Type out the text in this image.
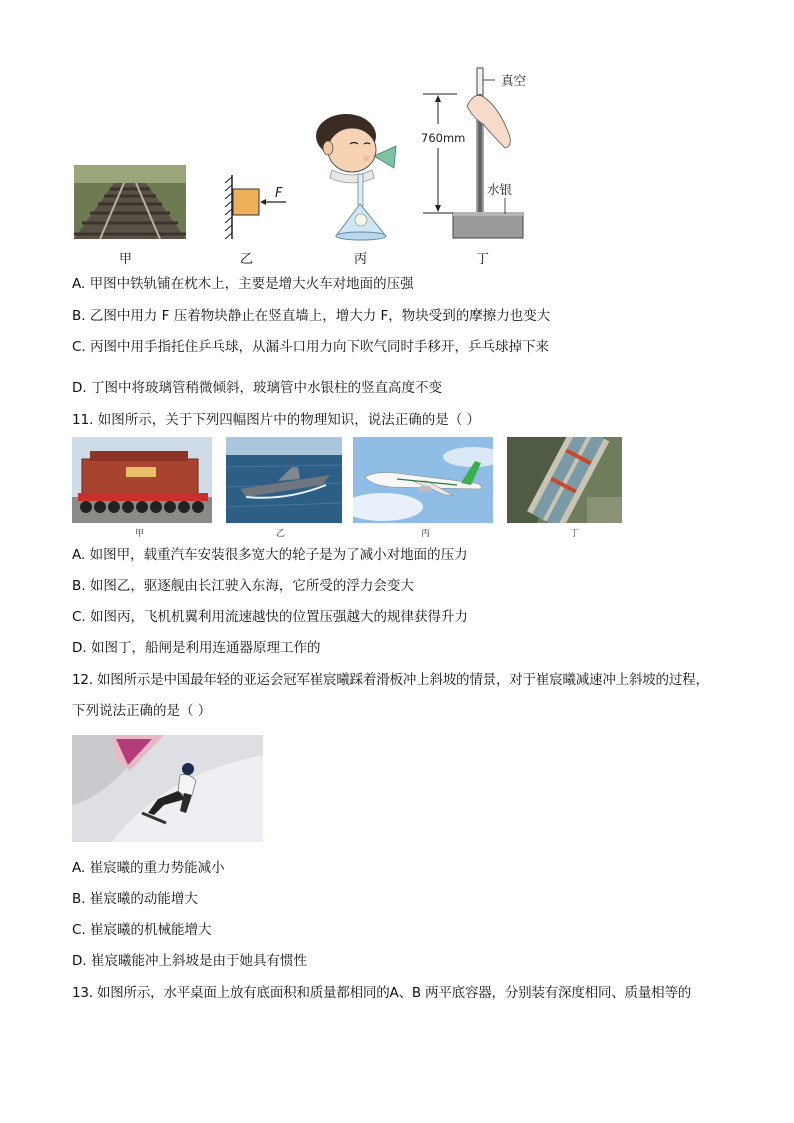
甲
F
乙	丙
760mm
真空
水银
丁
A. 甲图中铁轨铺在枕木上，主要是增大火车对地面的压强
B. 乙图中用力 F 压着物块静止在竖直墙上，增大力 F，物块受到的摩擦力也变大
C. 丙图中用手指托住乒乓球，从漏斗口用力向下吹气同时手移开，乒乓球掉下来
D. 丁图中将玻璃管稍微倾斜，玻璃管中水银柱的竖直高度不变
11. 如图所示，关于下列四幅图片中的物理知识，说法正确的是（ ）
甲	乙	丙	丁
A. 如图甲，载重汽车安装很多宽大的轮子是为了减小对地面的压力
B. 如图乙，驱逐舰由长江驶入东海，它所受的浮力会变大
C. 如图丙，飞机机翼利用流速越快的位置压强越大的规律获得升力
D. 如图丁，船闸是利用连通器原理工作的
12. 如图所示是中国最年轻的亚运会冠军崔宸曦踩着滑板冲上斜坡的情景，对于崔宸曦减速冲上斜坡的过程，
下列说法正确的是（ ）
A. 崔宸曦的重力势能减小
B. 崔宸曦的动能增大
C. 崔宸曦的机械能增大
D. 崔宸曦能冲上斜坡是由于她具有惯性
13. 如图所示，水平桌面上放有底面积和质量都相同的A、B 两平底容器，分别装有深度相同、质量相等的
